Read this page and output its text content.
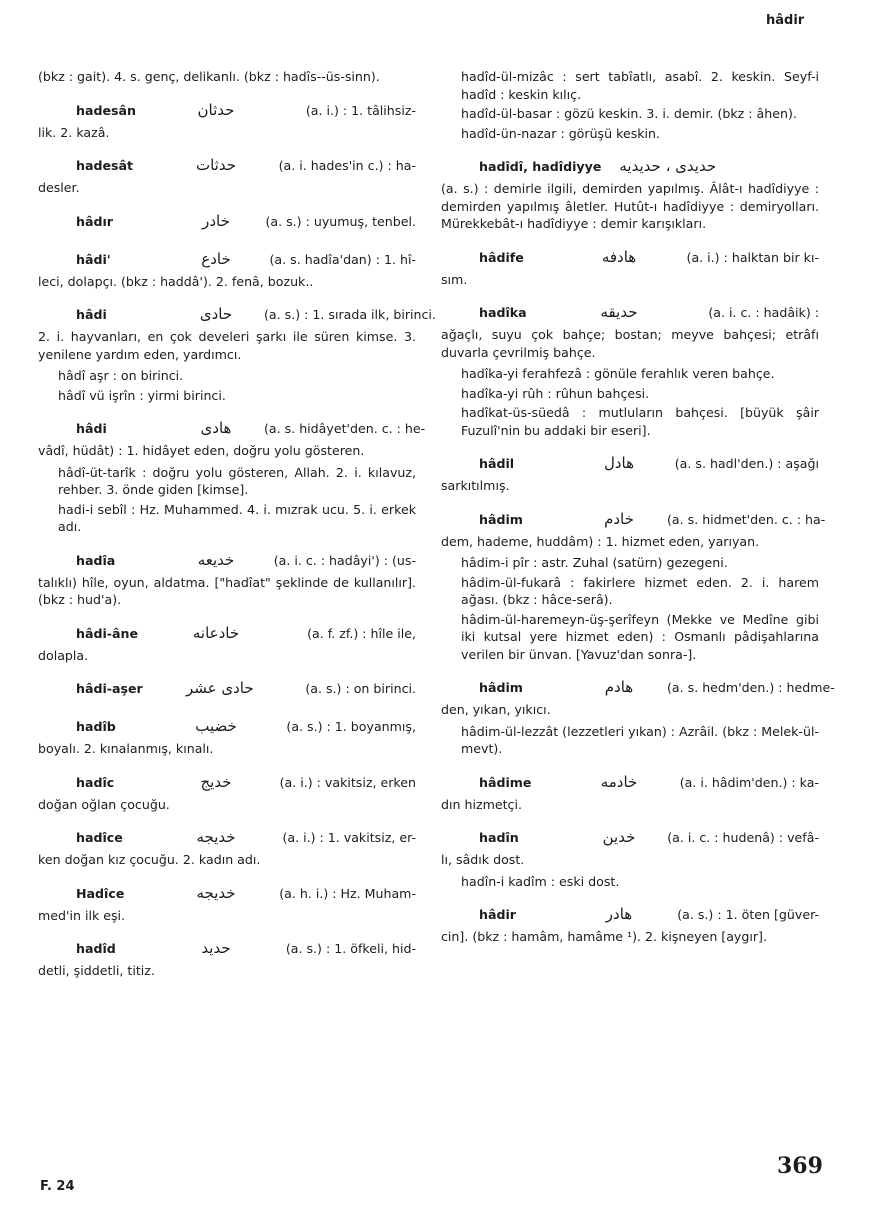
hâdir
(bkz : gait). 4. s. genç, delikanlı. (bkz : hadîs--üs-sinn).
hadesân	حدثان	(a. i.) : 1. tâlihsiz-
lik. 2. kazâ.
hadesât	حدثات	(a. i. hades'in c.) : ha-
desler.
hâdır	خادر	(a. s.) : uyumuş, tenbel.
hâdi'	خادع	(a. s. hadîa'dan) : 1. hî-
leci, dolapçı. (bkz : haddâ'). 2. fenâ, bozuk..
hâdi	حادى	(a. s.) : 1. sırada ilk, birinci.
2. i. hayvanları, en çok develeri şarkı ile süren kimse. 3. yenilene yardım eden, yardımcı.
hâdî aşr : on birinci.
hâdî vü işrîn : yirmi birinci.
hâdi	هادى	(a. s. hidâyet'den. c. : he-
vâdî, hüdât) : 1. hidâyet eden, doğru yolu gösteren.
hâdî-üt-tarîk : doğru yolu gösteren, Allah. 2. i. kılavuz, rehber. 3. önde giden [kimse].
hadi-i sebîl : Hz. Muhammed. 4. i. mızrak ucu. 5. i. erkek adı.
hadîa	خديعه	(a. i. c. : hadâyi') : (us-
talıklı) hîle, oyun, aldatma. ["hadîat" şeklinde de kullanılır]. (bkz : hud'a).
hâdi-âne	خادعانه	(a. f. zf.) : hîle ile,
dolapla.
hâdi-aşer	حادى عشر	(a. s.) : on birinci.
hadîb	خضيب	(a. s.) : 1. boyanmış,
boyalı. 2. kınalanmış, kınalı.
hadîc	خديج	(a. i.) : vakitsiz, erken
doğan oğlan çocuğu.
hadîce	خديجه	(a. i.) : 1. vakitsiz, er-
ken doğan kız çocuğu. 2. kadın adı.
Hadîce	خديجه	(a. h. i.) : Hz. Muham-
med'in ilk eşi.
hadîd	حديد	(a. s.) : 1. öfkeli, hid-
detli, şiddetli, titiz.
hadîd-ül-mizâc : sert tabîatlı, asabî. 2. keskin. Seyf-i hadîd : keskin kılıç.
hadîd-ül-basar : gözü keskin. 3. i. demir. (bkz : âhen).
hadîd-ün-nazar : görüşü keskin.
hadîdî, hadîdiyye حديدى ، حديديه
(a. s.) : demirle ilgili, demirden yapılmış. Âlât-ı hadîdiyye : demirden yapılmış âletler. Hutût-ı hadîdiyye : demiryolları. Mürekkebât-ı hadîdiyye : demir karışıkları.
hâdife	هادفه	(a. i.) : halktan bir kı-
sım.
hadîka	حديقه	(a. i. c. : hadâik) :
ağaçlı, suyu çok bahçe; bostan; meyve bahçesi; etrâfı duvarla çevrilmiş bahçe.
hadîka-yi ferahfezâ : gönüle ferahlık veren bahçe.
hadîka-yi rûh : rûhun bahçesi.
hadîkat-üs-süedâ : mutluların bahçesi. [büyük şâir Fuzulî'nin bu addaki bir eseri].
hâdil	هادل	(a. s. hadl'den.) : aşağı
sarkıtılmış.
hâdim	خادم	(a. s. hidmet'den. c. : ha-
dem, hademe, huddâm) : 1. hizmet eden, yarıyan.
hâdim-i pîr : astr. Zuhal (satürn) gezegeni.
hâdim-ül-fukarâ : fakirlere hizmet eden. 2. i. harem ağası. (bkz : hâce-serâ).
hâdim-ül-haremeyn-üş-şerîfeyn (Mekke ve Medîne gibi iki kutsal yere hizmet eden) : Osmanlı pâdişahlarına verilen bir ünvan. [Yavuz'dan sonra-].
hâdim	هادم	(a. s. hedm'den.) : hedme-
den, yıkan, yıkıcı.
hâdim-ül-lezzât (lezzetleri yıkan) : Azrâil. (bkz : Melek-ül-mevt).
hâdime	خادمه	(a. i. hâdim'den.) : ka-
dın hizmetçi.
hadîn	خدين	(a. i. c. : hudenâ) : vefâ-
lı, sâdık dost.
hadîn-i kadîm : eski dost.
hâdir	هادر	(a. s.) : 1. öten [güver-
cin]. (bkz : hamâm, hamâme ¹). 2. kişneyen [aygır].
F. 24
369
